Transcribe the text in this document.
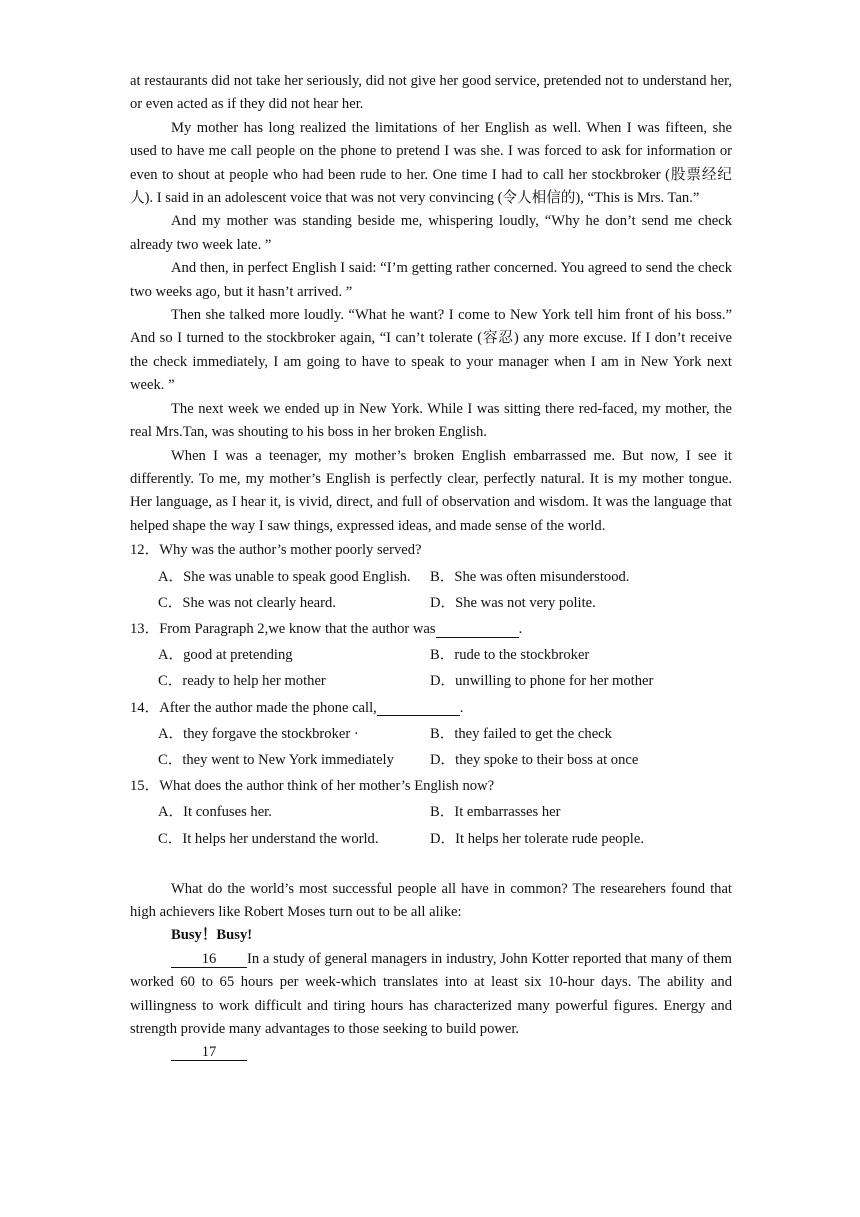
at restaurants did not take her seriously, did not give her good service, pretended not to understand her, or even acted as if they did not hear her.

My mother has long realized the limitations of her English as well. When I was fifteen, she used to have me call people on the phone to pretend I was she. I was forced to ask for information or even to shout at people who had been rude to her. One time I had to call her stockbroker (股票经纪人). I said in an adolescent voice that was not very convincing (令人相信的), “This is Mrs. Tan.”

And my mother was standing beside me, whispering loudly, “Why he don’t send me check already two week late. ”

And then, in perfect English I said: “I’m getting rather concerned. You agreed to send the check two weeks ago, but it hasn’t arrived. ”

Then she talked more loudly. “What he want? I come to New York tell him front of his boss.” And so I turned to the stockbroker again, “I can’t tolerate (容忍) any more excuse. If I don’t receive the check immediately, I am going to have to speak to your manager when I am in New York next week. ”

The next week we ended up in New York. While I was sitting there red-faced, my mother, the real Mrs.Tan, was shouting to his boss in her broken English.

When I was a teenager, my mother’s broken English embarrassed me. But now, I see it differently. To me, my mother’s English is perfectly clear, perfectly natural. It is my mother tongue. Her language, as I hear it, is vivid, direct, and full of observation and wisdom. It was the language that helped shape the way I saw things, expressed ideas, and made sense of the world.

12．Why was the author’s mother poorly served?
A．She was unable to speak good English.	B．She was often misunderstood.
C．She was not clearly heard.	D．She was not very polite.
13．From Paragraph 2,we know that the author was	.
A．good at pretending	B．rude to the stockbroker
C．ready to help her mother	D．unwilling to phone for her mother
14．After the author made the phone call,	.
A．they forgave the stockbroker ·	B．they failed to get the check
C．they went to New York immediately	D．they spoke to their boss at once
15．What does the author think of her mother’s English now?
A．It confuses her.	B．It embarrasses her
C．It helps her understand the world.	D．It helps her tolerate rude people.

What do the world’s most successful people all have in common? The researehers found that high achievers like Robert Moses turn out to be all alike:

Busy！Busy!

16 In a study of general managers in industry, John Kotter reported that many of them worked 60 to 65 hours per week-which translates into at least six 10-hour days. The ability and willingness to work difficult and tiring hours has characterized many powerful figures. Energy and strength provide many advantages to those seeking to build power.

17
